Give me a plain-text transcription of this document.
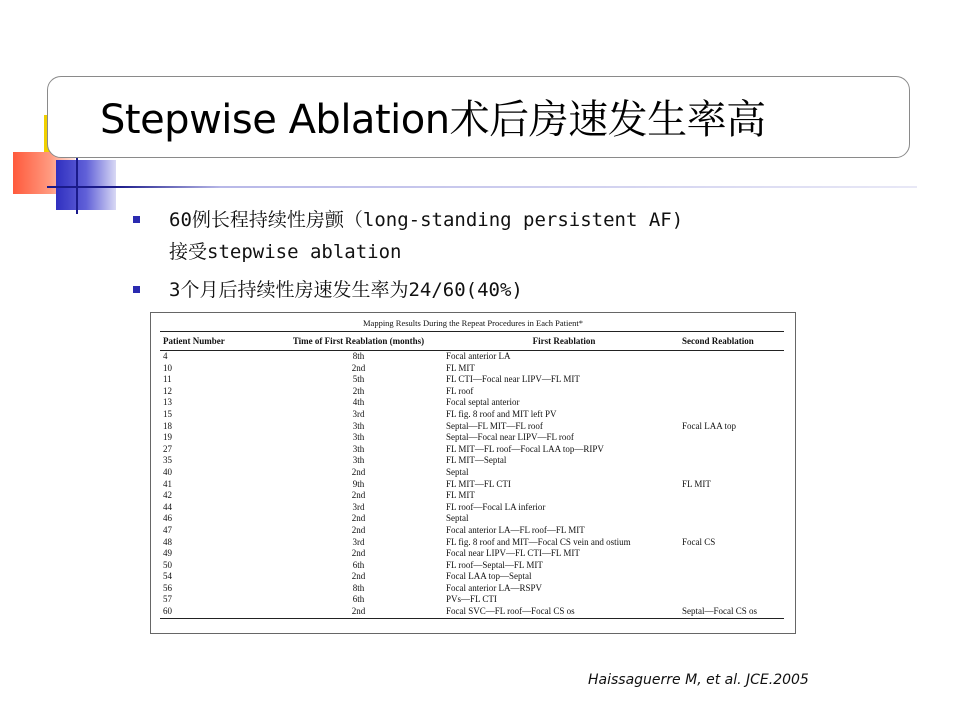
Stepwise Ablation术后房速发生率高
60例长程持续性房颤（long-standing persistent AF)
接受stepwise ablation
3个月后持续性房速发生率为24/60(40%)
Mapping Results During the Repeat Procedures in Each Patient*
Patient Number	Time of First Reablation (months)	First Reablation	Second Reablation
4	8th	Focal anterior LA	
10	2nd	FL MIT	
11	5th	FL CTI—Focal near LIPV—FL MIT	
12	2th	FL roof	
13	4th	Focal septal anterior	
15	3rd	FL fig. 8 roof and MIT left PV	
18	3th	Septal—FL MIT—FL roof	Focal LAA top
19	3th	Septal—Focal near LIPV—FL roof	
27	3th	FL MIT—FL roof—Focal LAA top—RIPV	
35	3th	FL MIT—Septal	
40	2nd	Septal	
41	9th	FL MIT—FL CTI	FL MIT
42	2nd	FL MIT	
44	3rd	FL roof—Focal LA inferior	
46	2nd	Septal	
47	2nd	Focal anterior LA—FL roof—FL MIT	
48	3rd	FL fig. 8 roof and MIT—Focal CS vein and ostium	Focal CS
49	2nd	Focal near LIPV—FL CTI—FL MIT	
50	6th	FL roof—Septal—FL MIT	
54	2nd	Focal LAA top—Septal	
56	8th	Focal anterior LA—RSPV	
57	6th	PVs—FL CTI	
60	2nd	Focal SVC—FL roof—Focal CS os	Septal—Focal CS os
Haissaguerre M, et al. JCE.2005
